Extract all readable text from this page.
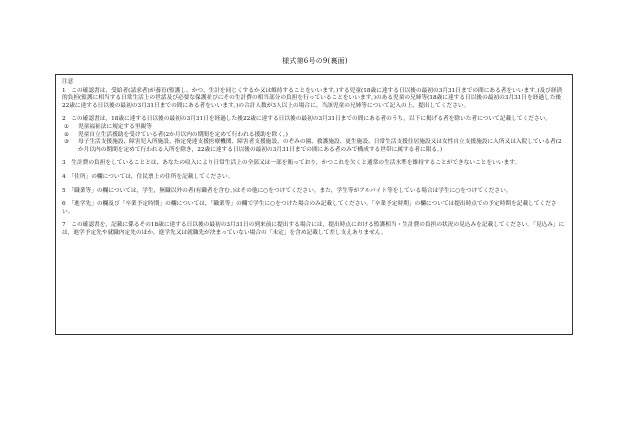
様式第6号の9(裏面)
注意

1　この確認書は，受給者(請求者)が養育(監護し、かつ、生計を同じくするか又は維持することをいいます。)する児童(18歳に達する日以後の最初の3月31日までの間にある者をいいます。)及び経済的負担(監護に相当する日常生活上の世話及び必要な保護並びにその生計費の相当部分の負担を行っていることをいいます。)のある児童の兄姉等(18歳に達する日以後の最初の3月31日を経過した後22歳に達する日以後の最初の3月31日までの間にある者をいいます。)の合計人数が3人以上の場合に、当該児童の兄姉等について記入の上、提出してください。

2　この確認書は，18歳に達する日以後の最初の3月31日を経過した後22歳に達する日以後の最初の3月31日までの間にある者のうち，以下に掲げる者を除いた者について記載してください。

①	児童福祉法に規定する里親等
②	児童自立生活援助を受けている者(2か月以内の期間を定めて行われる援助を除く。)
③	母子生活支援施設、障害児入所施設、指定発達支援医療機関、障害者支援施設、のぞみの園、救護施設、更生施設、日常生活支援住居施設又は女性自立支援施設に入所又は入院している者(2か月以内の期間を定めて行われる入所を除き，22歳に達する日以後の最初の3月31日までの間にある者のみで構成する世帯に属する者に限る。)

3　生計費の負担をしていることとは、あなたの収入により日常生活上の全部又は一部を賄っており，かつこれを欠くと通常の生活水準を維持することができないことをいいます。

4　「住所」の欄については，住民票上の住所を記載してください。

5　「職業等」の欄については，学生，無職以外の者(有職者を含む。)はその他に○をつけてください。また，学生等がアルバイト等をしている場合は学生に○をつけてください。

6　「進学先」の欄及び「卒業予定時期」の欄については，「職業等」の欄で学生に○をつけた場合のみ記載してください。「卒業予定時期」の欄については提出時点での予定時期を記載してください。

7　この確認書を，記載に係るその18歳に達する日以後の最初の3月31日の到来前に提出する場合には，提出時点における監護相当・生計費の負担の状況の見込みを記載してください。「見込み」には，進学予定先や就職内定先のほか，進学先又は就職先が決まっていない場合の「未定」を含め記載して差し支えありません。
